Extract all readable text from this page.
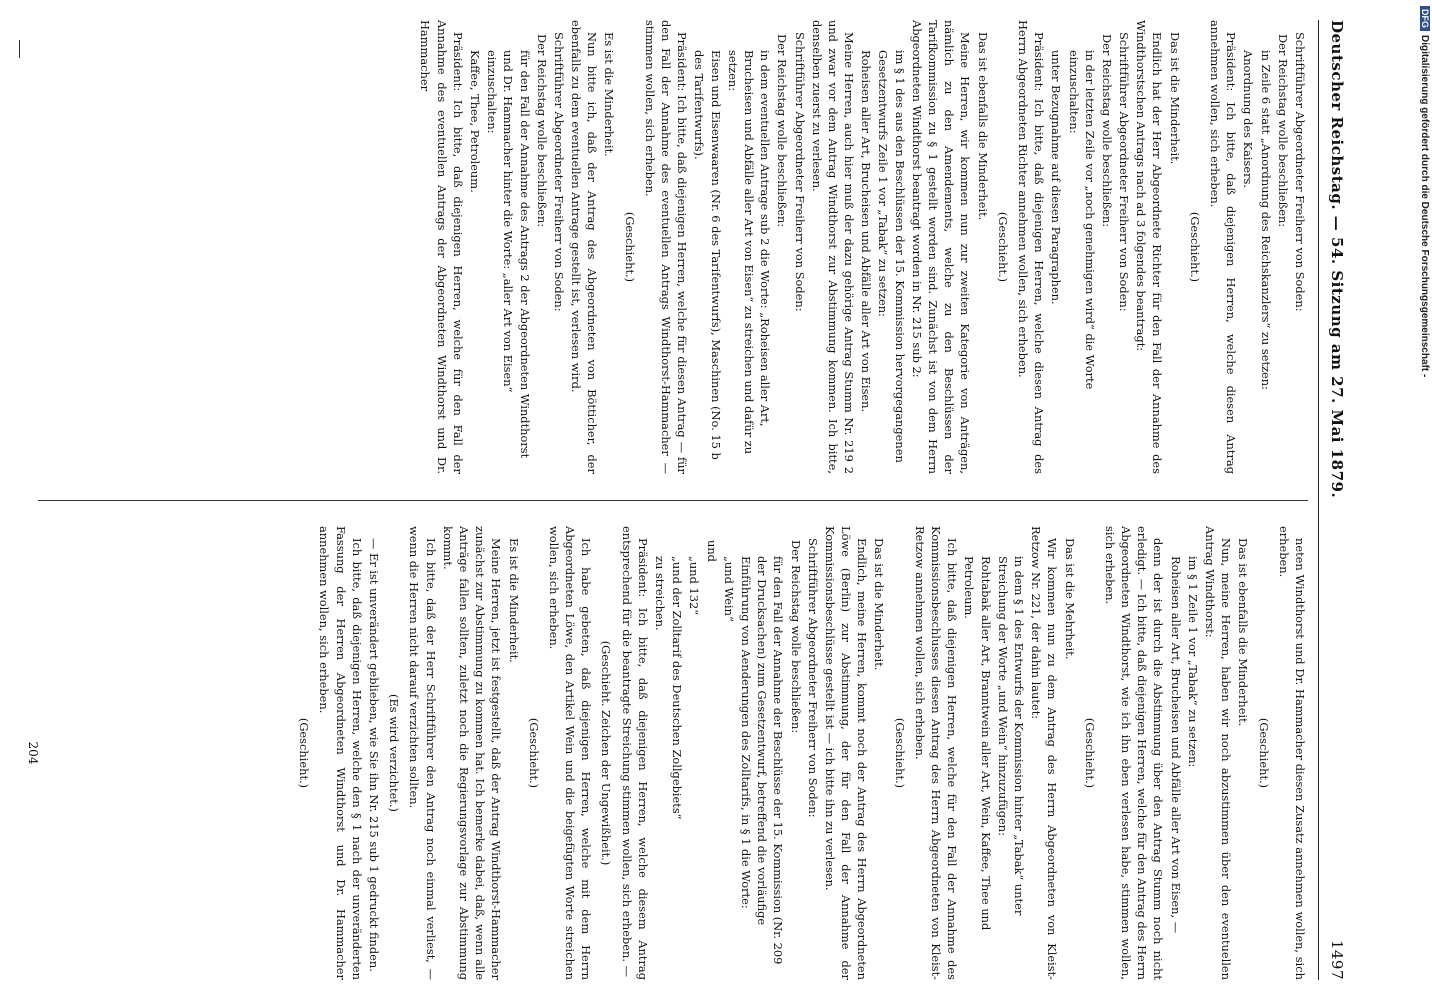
Deutscher Reichstag. — 54. Sitzung am 27. Mai 1879.
1497
Schriftführer Abgeordneter Freiherr von Soden:
Der Reichstag wolle beschließen:
in Zeile 6 statt „Anordnung des Reichskanzlers“ zu setzen:
Anordnung des Kaisers.
Präsident: Ich bitte, daß diejenigen Herren, welche diesen Antrag annehmen wollen, sich erheben.
(Geschieht.)
Das ist die Minderheit.
Endlich hat der Herr Abgeordnete Richter für den Fall der Annahme des Windthorstschen Antrags nach ad 3 folgendes beantragt:
Schriftführer Abgeordneter Freiherr von Soden:
Der Reichstag wolle beschließen:
in der letzten Zeile vor „noch genehmigen wird“ die Worte einzuschalten:
unter Bezugnahme auf diesen Paragraphen.
Präsident: Ich bitte, daß diejenigen Herren, welche diesen Antrag des Herrn Abgeordneten Richter annehmen wollen, sich erheben.
(Geschieht.)
Das ist ebenfalls die Minderheit.
Meine Herren, wir kommen nun zur zweiten Kategorie von Anträgen, nämlich zu den Amendements, welche zu den Beschlüssen der Tarifkommission zu § 1 gestellt worden sind. Zunächst ist von dem Herrn Abgeordneten Windthorst beantragt worden in Nr. 215 sub 2:
im § 1 des aus den Beschlüssen der 15. Kommission hervorgegangenen Gesetzentwurfs Zeile 1 vor „Tabak“ zu setzen:
Roheisen aller Art, Brucheisen und Abfälle aller Art von Eisen.
Meine Herren, auch hier muß der dazu gehörige Antrag Stumm Nr. 219 2 und zwar vor dem Antrag Windthorst zur Abstimmung kommen. Ich bitte, denselben zuerst zu verlesen.
Schriftführer Abgeordneter Freiherr von Soden:
Der Reichstag wolle beschließen:
in dem eventuellen Antrage sub 2 die Worte: „Roheisen aller Art, Brucheisen und Abfälle aller Art von Eisen“ zu streichen und dafür zu setzen:
Eisen und Eisenwaaren (Nr. 6 des Tarifentwurfs), Maschinen (No. 15 b des Tarifentwurfs).
Präsident: Ich bitte, daß diejenigen Herren, welche für diesen Antrag — für den Fall der Annahme des eventuellen Antrags Windthorst-Hammacher — stimmen wollen, sich erheben.
(Geschieht.)
Es ist die Minderheit.
Nun bitte ich, daß der Antrag des Abgeordneten von Bötticher, der ebenfalls zu dem eventuellen Antrage gestellt ist, verlesen wird.
Schriftführer Abgeordneter Freiherr von Soden:
Der Reichstag wolle beschließen:
für den Fall der Annahme des Antrags 2 der Abgeordneten Windthorst und Dr. Hammacher hinter die Worte: „aller Art von Eisen“ einzuschalten:
Kaffee, Thee, Petroleum.
Präsident: Ich bitte, daß diejenigen Herren, welche für den Fall der Annahme des eventuellen Antrags der Abgeordneten Windthorst und Dr. Hammacher
neten Windthorst und Dr. Hammacher diesen Zusatz annehmen wollen, sich erheben.
(Geschieht.)
Das ist ebenfalls die Minderheit.
Nun, meine Herren, haben wir noch abzustimmen über den eventuellen Antrag Windthorst:
im § 1 Zeile 1 vor „Tabak“ zu setzen:
Roheisen aller Art, Brucheisen und Abfälle aller Art von Eisen, —
denn der ist durch die Abstimmung über den Antrag Stumm noch nicht erledigt. — Ich bitte, daß diejenigen Herren, welche für den Antrag des Herrn Abgeordneten Windthorst, wie ich ihn eben verlesen habe, stimmen wollen, sich erheben.
(Geschieht.)
Das ist die Mehrheit.
Wir kommen nun zu dem Antrag des Herrn Abgeordneten von Kleist-Retzow Nr. 221, der dahin lautet:
in dem § 1 des Entwurfs der Kommission hinter „Tabak“ unter Streichung der Worte „und Wein“ hinzuzufügen:
Rohtabak aller Art, Branntwein aller Art, Wein, Kaffee, Thee und Petroleum.
Ich bitte, daß diejenigen Herren, welche für den Fall der Annahme des Kommissionsbeschlusses diesen Antrag des Herrn Abgeordneten von Kleist-Retzow annehmen wollen, sich erheben.
(Geschieht.)
Das ist die Minderheit.
Endlich, meine Herren, kommt noch der Antrag des Herrn Abgeordneten Löwe (Berlin) zur Abstimmung, der für den Fall der Annahme der Kommissionsbeschlüsse gestellt ist — ich bitte ihn zu verlesen.
Schriftführer Abgeordneter Freiherr von Soden:
Der Reichstag wolle beschließen:
für den Fall der Annahme der Beschlüsse der 15. Kommission (Nr. 209 der Drucksachen) zum Gesetzentwurf, betreffend die vorläufige Einführung von Aenderungen des Zolltarifs, in § 1 die Worte:
„und Wein“
und
„und 132“
„und der Zolltarif des Deutschen Zollgebiets“
zu streichen.
Präsident: Ich bitte, daß diejenigen Herren, welche diesem Antrag entsprechend für die beantragte Streichung stimmen wollen, sich erheben. —
(Geschieht. Zeichen der Ungewißheit.)
Ich habe gebeten, daß diejenigen Herren, welche mit dem Herrn Abgeordneten Löwe, den Artikel Wein und die beigefügten Worte streichen wollen, sich erheben.
(Geschieht.)
Es ist die Minderheit.
Meine Herren, jetzt ist festgestellt, daß der Antrag Windthorst-Hammacher zunächst zur Abstimmung zu kommen hat. Ich bemerke dabei, daß, wenn alle Anträge fallen sollten, zuletzt noch die Regierungsvorlage zur Abstimmung kommt.
Ich bitte, daß der Herr Schriftführer den Antrag noch einmal verliest, — wenn die Herren nicht darauf verzichten sollten.
(Es wird verzichtet.)
— Er ist unverändert geblieben, wie Sie ihn Nr. 215 sub 1 gedruckt finden.
Ich bitte, daß diejenigen Herren, welche den § 1 nach der unveränderten Fassung der Herren Abgeordneten Windthorst und Dr. Hammacher annehmen wollen, sich erheben.
(Geschieht.)
204
DFGDigitalisierung gefördert durch die Deutsche Forschungsgemeinschaft -
